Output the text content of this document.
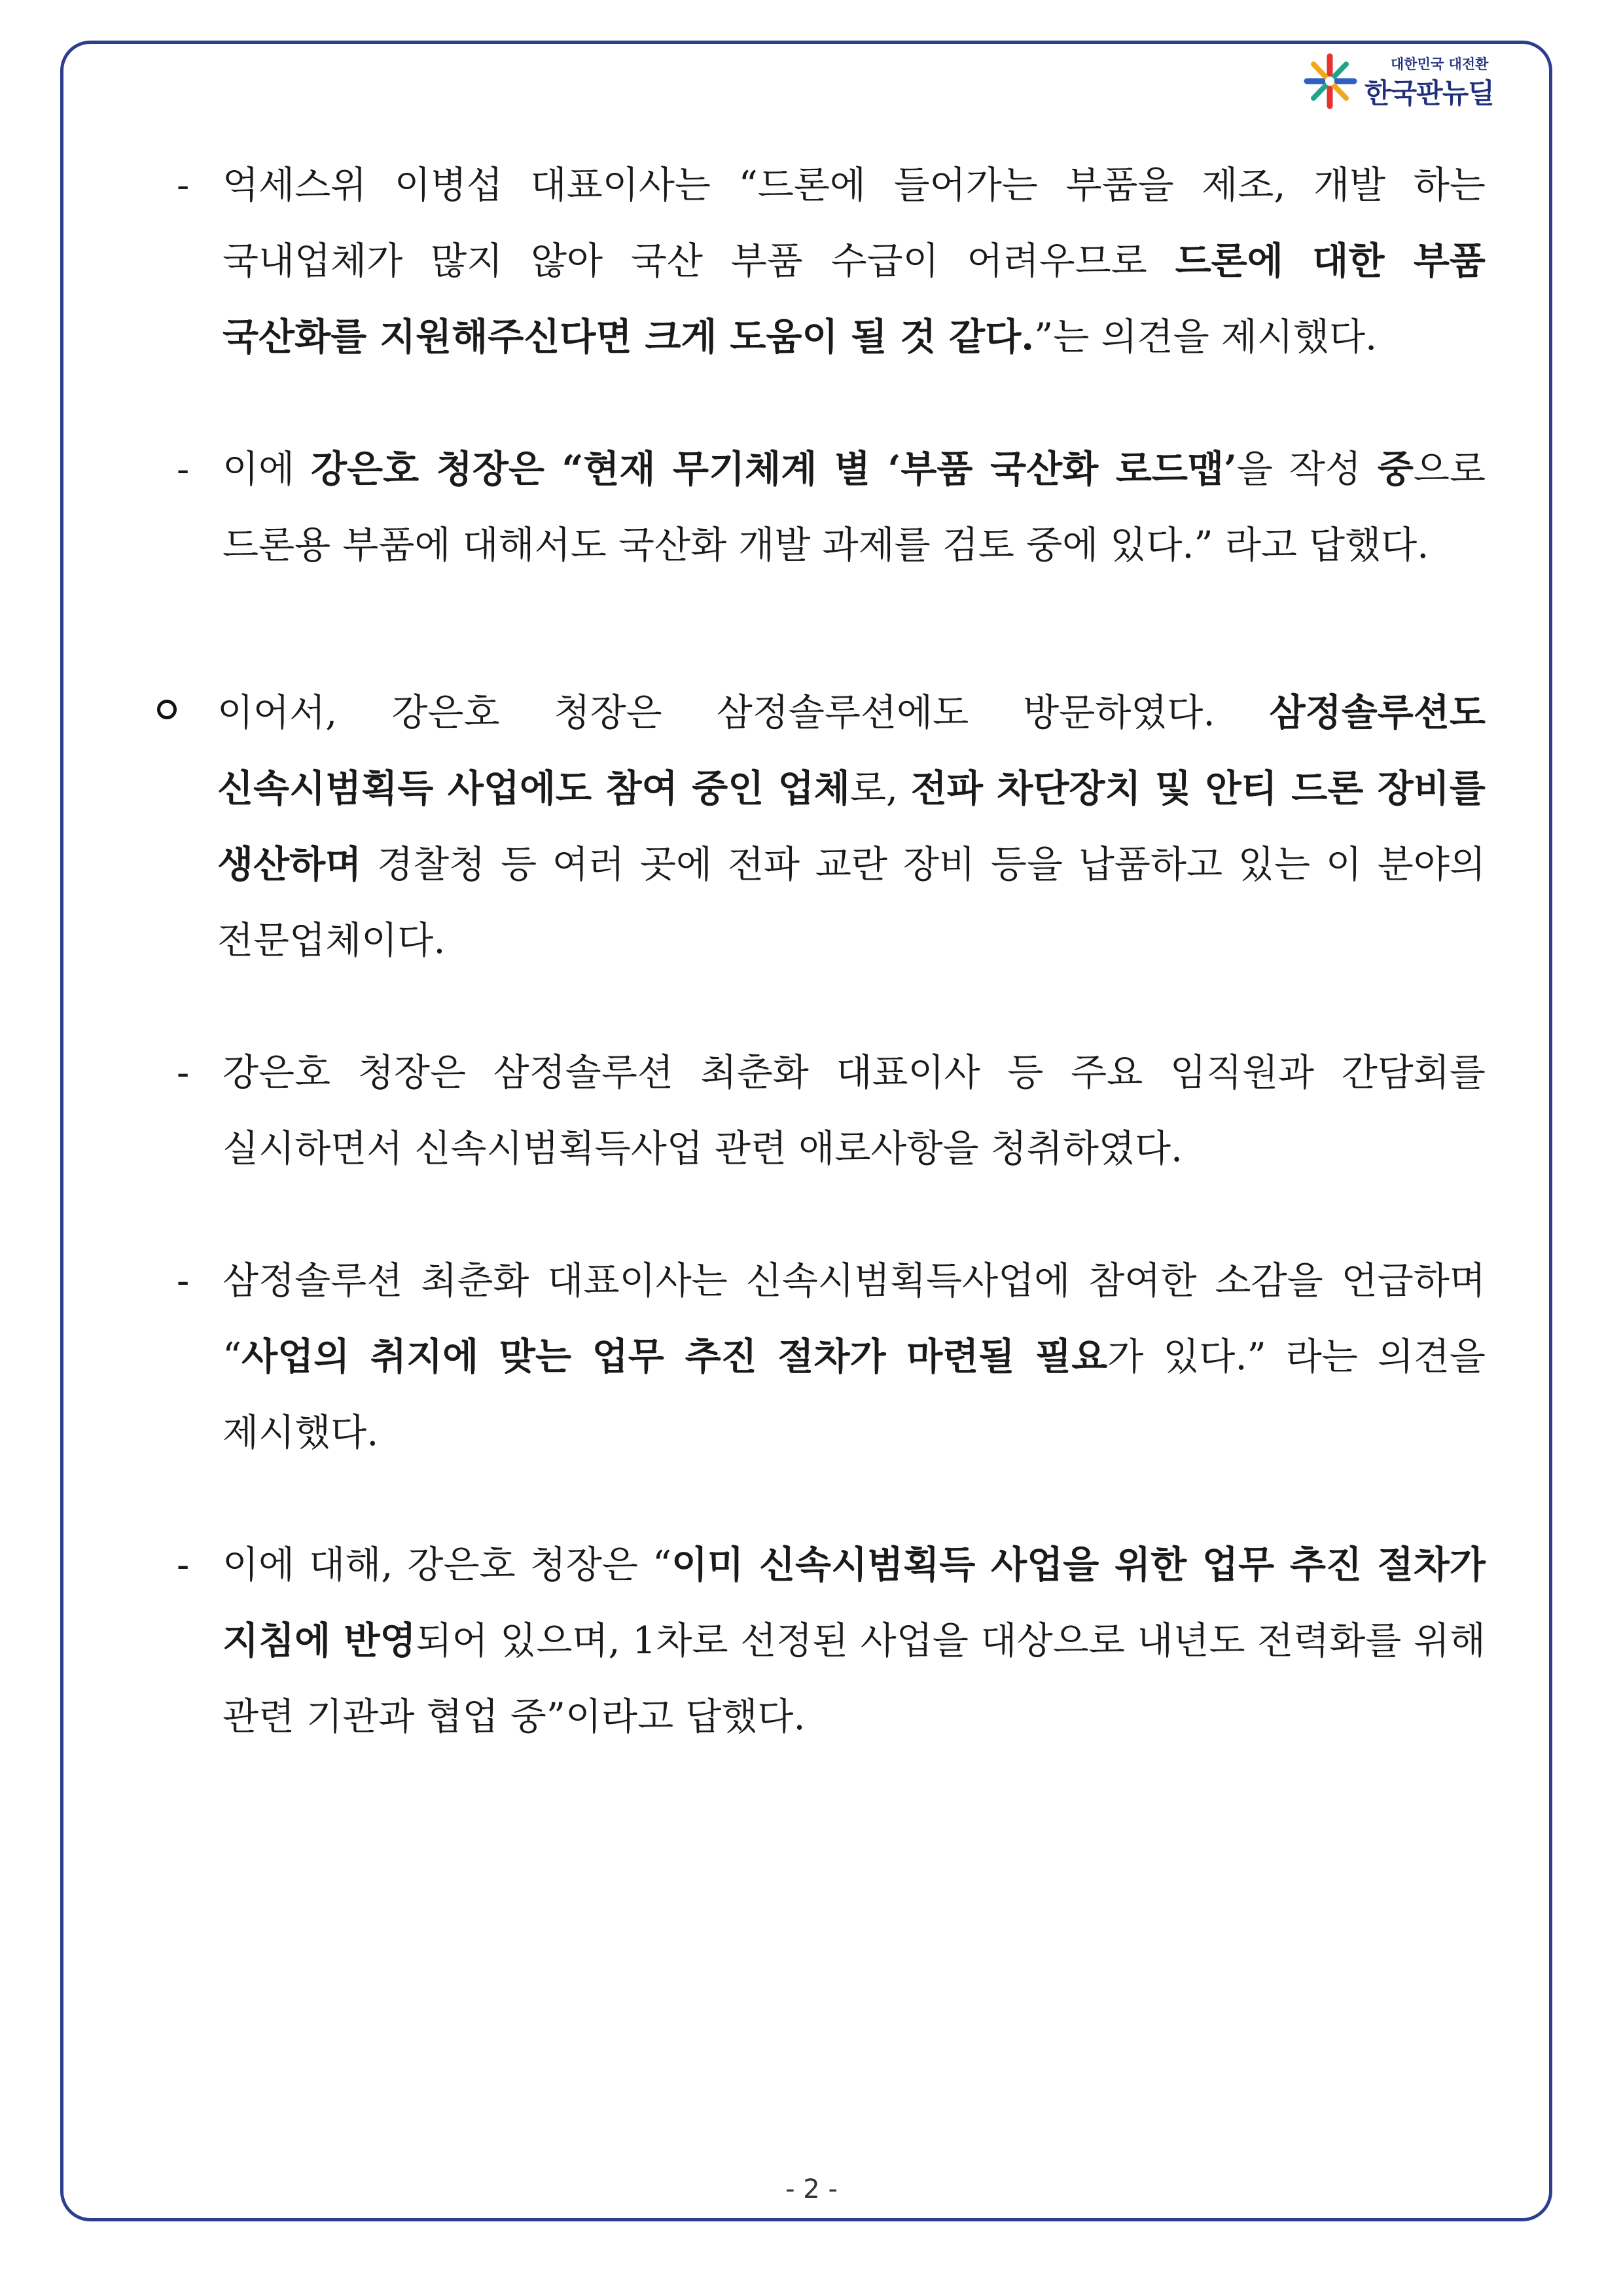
대한민국 대전환
한국판뉴딜
- 억세스위 이병섭 대표이사는 “드론에 들어가는 부품을 제조, 개발 하는 국내업체가 많지 않아 국산 부품 수급이 어려우므로 드론에 대한 부품 국산화를 지원해주신다면 크게 도움이 될 것 같다.”는 의견을 제시했다.
- 이에 강은호 청장은 “현재 무기체계 별 ‘부품 국산화 로드맵’을 작성 중으로 드론용 부품에 대해서도 국산화 개발 과제를 검토 중에 있다.” 라고 답했다.
이어서, 강은호 청장은 삼정솔루션에도 방문하였다. 삼정솔루션도 신속시범획득 사업에도 참여 중인 업체로, 전파 차단장치 및 안티 드론 장비를 생산하며 경찰청 등 여러 곳에 전파 교란 장비 등을 납품하고 있는 이 분야의 전문업체이다.
- 강은호 청장은 삼정솔루션 최춘화 대표이사 등 주요 임직원과 간담회를 실시하면서 신속시범획득사업 관련 애로사항을 청취하였다.
- 삼정솔루션 최춘화 대표이사는 신속시범획득사업에 참여한 소감을 언급하며 “사업의 취지에 맞는 업무 추진 절차가 마련될 필요가 있다.” 라는 의견을 제시했다.
- 이에 대해, 강은호 청장은 “이미 신속시범획득 사업을 위한 업무 추진 절차가 지침에 반영되어 있으며, 1차로 선정된 사업을 대상으로 내년도 전력화를 위해 관련 기관과 협업 중”이라고 답했다.
- 2 -
